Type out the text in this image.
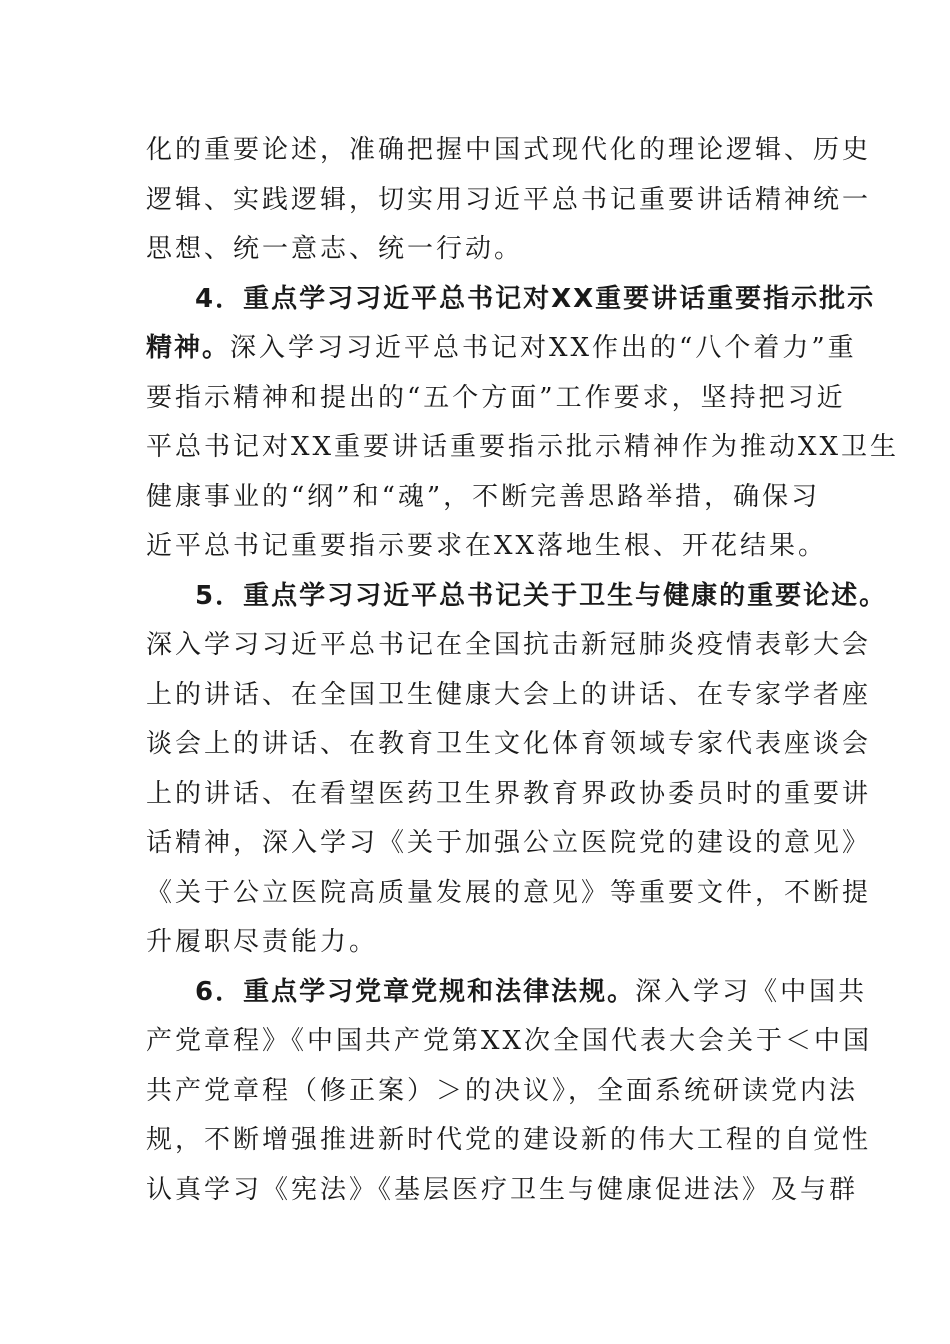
化的重要论述，准确把握中国式现代化的理论逻辑、历史
逻辑、实践逻辑，切实用习近平总书记重要讲话精神统一
思想、统一意志、统一行动。
4．重点学习习近平总书记对XX重要讲话重要指示批示
精神。深入学习习近平总书记对XX作出的“八个着力”重
要指示精神和提出的“五个方面”工作要求，坚持把习近
平总书记对XX重要讲话重要指示批示精神作为推动XX卫生
健康事业的“纲”和“魂”，不断完善思路举措，确保习
近平总书记重要指示要求在XX落地生根、开花结果。
5．重点学习习近平总书记关于卫生与健康的重要论述。
深入学习习近平总书记在全国抗击新冠肺炎疫情表彰大会
上的讲话、在全国卫生健康大会上的讲话、在专家学者座
谈会上的讲话、在教育卫生文化体育领域专家代表座谈会
上的讲话、在看望医药卫生界教育界政协委员时的重要讲
话精神，深入学习《关于加强公立医院党的建设的意见》
《关于公立医院高质量发展的意见》等重要文件，不断提
升履职尽责能力。
6．重点学习党章党规和法律法规。深入学习《中国共
产党章程》《中国共产党第XX次全国代表大会关于＜中国
共产党章程（修正案）＞的决议》，全面系统研读党内法
规，不断增强推进新时代党的建设新的伟大工程的自觉性
认真学习《宪法》《基层医疗卫生与健康促进法》及与群
